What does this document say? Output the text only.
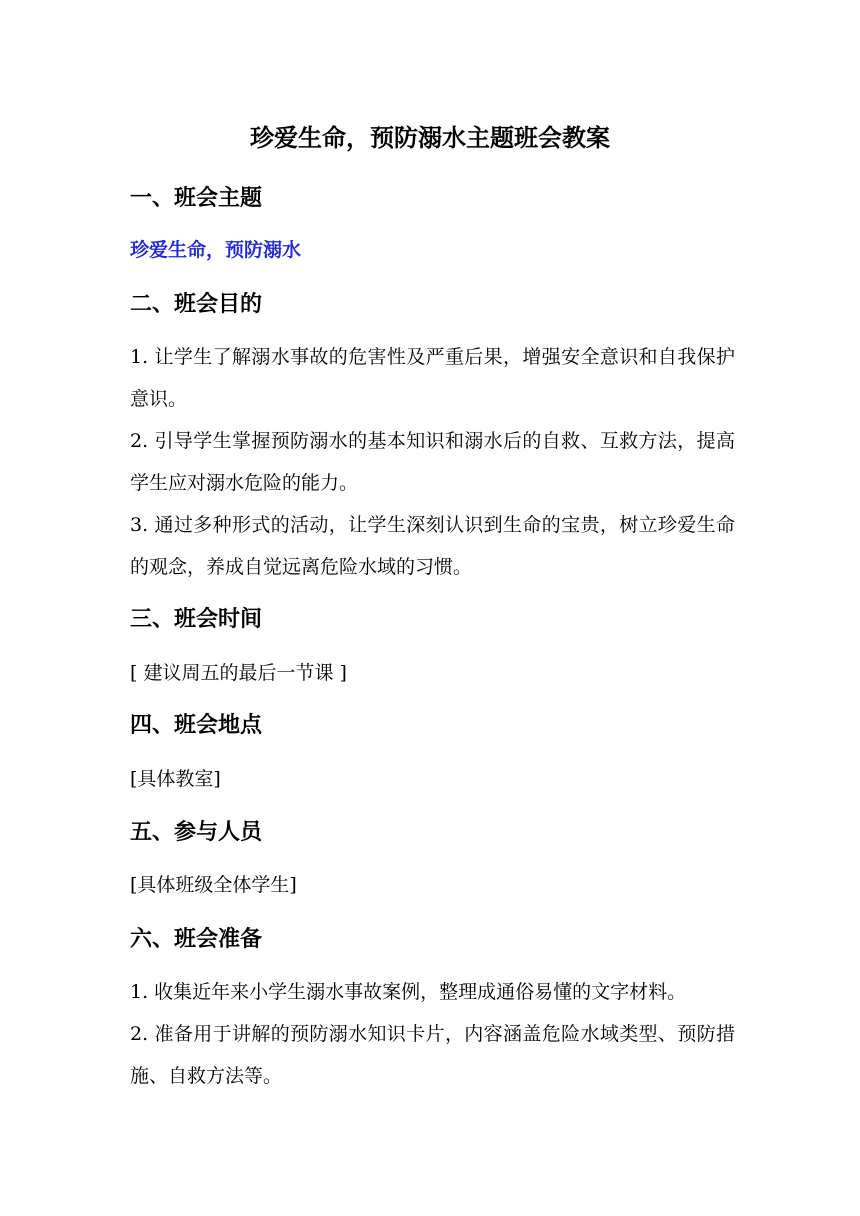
珍爱生命，预防溺水主题班会教案
一、班会主题

珍爱生命，预防溺水

二、班会目的

1. 让学生了解溺水事故的危害性及严重后果，增强安全意识和自我保护意识。

2. 引导学生掌握预防溺水的基本知识和溺水后的自救、互救方法，提高学生应对溺水危险的能力。

3. 通过多种形式的活动，让学生深刻认识到生命的宝贵，树立珍爱生命的观念，养成自觉远离危险水域的习惯。

三、班会时间

[ 建议周五的最后一节课 ]

四、班会地点

[具体教室]

五、参与人员

[具体班级全体学生]

六、班会准备

1. 收集近年来小学生溺水事故案例，整理成通俗易懂的文字材料。

2. 准备用于讲解的预防溺水知识卡片，内容涵盖危险水域类型、预防措施、自救方法等。
